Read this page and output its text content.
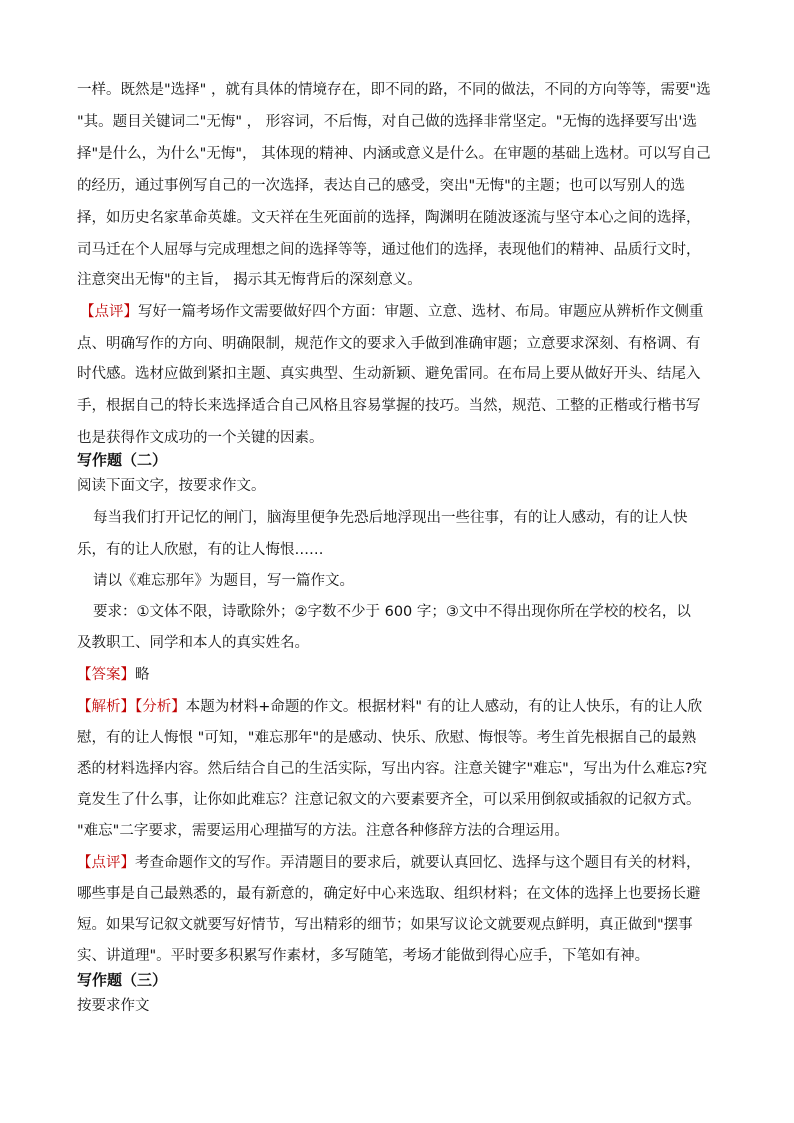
一样。既然是"选择" ，就有具体的情境存在，即不同的路，不同的做法，不同的方向等等，需要"选
"其。题目关键词二"无悔" ， 形容词，不后悔，对自己做的选择非常坚定。"无悔的选择要写出'选
择"是什么，为什么"无悔"， 其体现的精神、内涵或意义是什么。在审题的基础上选材。可以写自己
的经历，通过事例写自己的一次选择，表达自己的感受，突出"无悔"的主题；也可以写别人的选
择，如历史名家革命英雄。文天祥在生死面前的选择，陶渊明在随波逐流与坚守本心之间的选择，
司马迁在个人屈辱与完成理想之间的选择等等，通过他们的选择，表现他们的精神、品质行文时，
注意突出无悔"的主旨， 揭示其无悔背后的深刻意义。
【点评】写好一篇考场作文需要做好四个方面：审题、立意、选材、布局。审题应从辨析作文侧重
点、明确写作的方向、明确限制，规范作文的要求入手做到准确审题；立意要求深刻、有格调、有
时代感。选材应做到紧扣主题、真实典型、生动新颖、避免雷同。在布局上要从做好开头、结尾入
手，根据自己的特长来选择适合自己风格且容易掌握的技巧。当然，规范、工整的正楷或行楷书写
也是获得作文成功的一个关键的因素。
写作题（二）
阅读下面文字，按要求作文。
每当我们打开记忆的闸门，脑海里便争先恐后地浮现出一些往事，有的让人感动，有的让人快
乐，有的让人欣慰，有的让人悔恨……
请以《难忘那年》为题目，写一篇作文。
要求：①文体不限，诗歌除外；②字数不少于 600 字；③文中不得出现你所在学校的校名，以
及教职工、同学和本人的真实姓名。
【答案】略
【解析】【分析】本题为材料+命题的作文。根据材料" 有的让人感动，有的让人快乐，有的让人欣
慰，有的让人悔恨 "可知，"难忘那年"的是感动、快乐、欣慰、悔恨等。考生首先根据自己的最熟
悉的材料选择内容。然后结合自己的生活实际，写出内容。注意关键字"难忘"，写出为什么难忘?究
竟发生了什么事，让你如此难忘？注意记叙文的六要素要齐全，可以采用倒叙或插叙的记叙方式。
"难忘"二字要求，需要运用心理描写的方法。注意各种修辞方法的合理运用。
【点评】考查命题作文的写作。弄清题目的要求后，就要认真回忆、选择与这个题目有关的材料，
哪些事是自己最熟悉的，最有新意的，确定好中心来选取、组织材料；在文体的选择上也要扬长避
短。如果写记叙文就要写好情节，写出精彩的细节；如果写议论文就要观点鲜明，真正做到"摆事
实、讲道理"。平时要多积累写作素材，多写随笔，考场才能做到得心应手，下笔如有神。
写作题（三）
按要求作文
